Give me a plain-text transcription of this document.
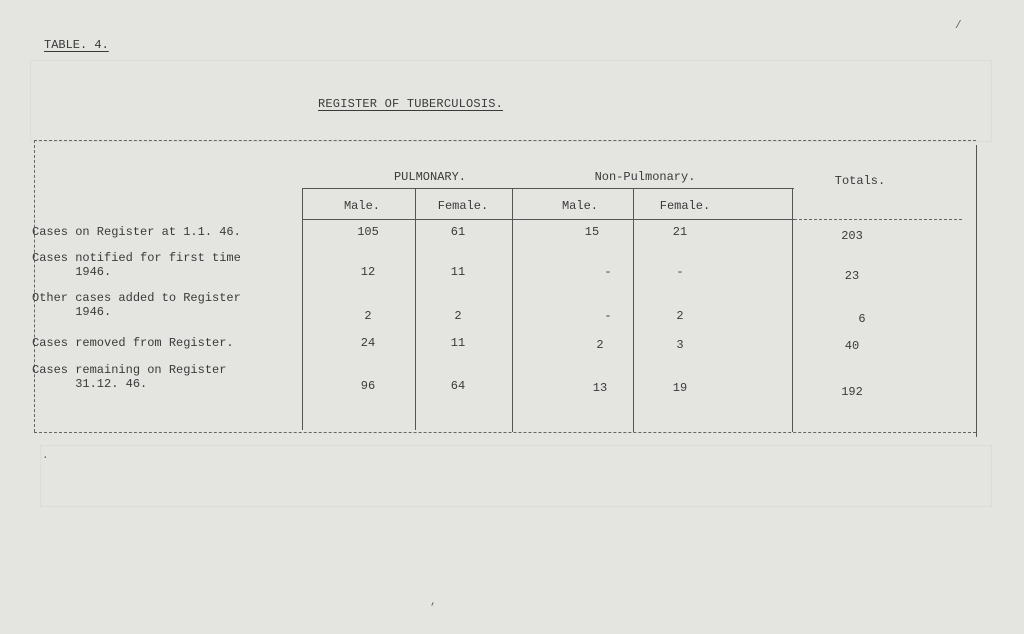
TABLE. 4.
REGISTER OF TUBERCULOSIS.
/
PULMONARY.	Non-Pulmonary.	Totals.
Male.	Female.	Male.	Female.
Cases on Register at 1.1. 46.	105	61	15	21	203
Cases notified for first time
1946.	12	11	-	-	23
Other cases added to Register
1946.	2	2	-	2	6
Cases removed from Register.	24	11	2	3	40
Cases remaining on Register
31.12. 46.	96	64	13	19	192
.
,
